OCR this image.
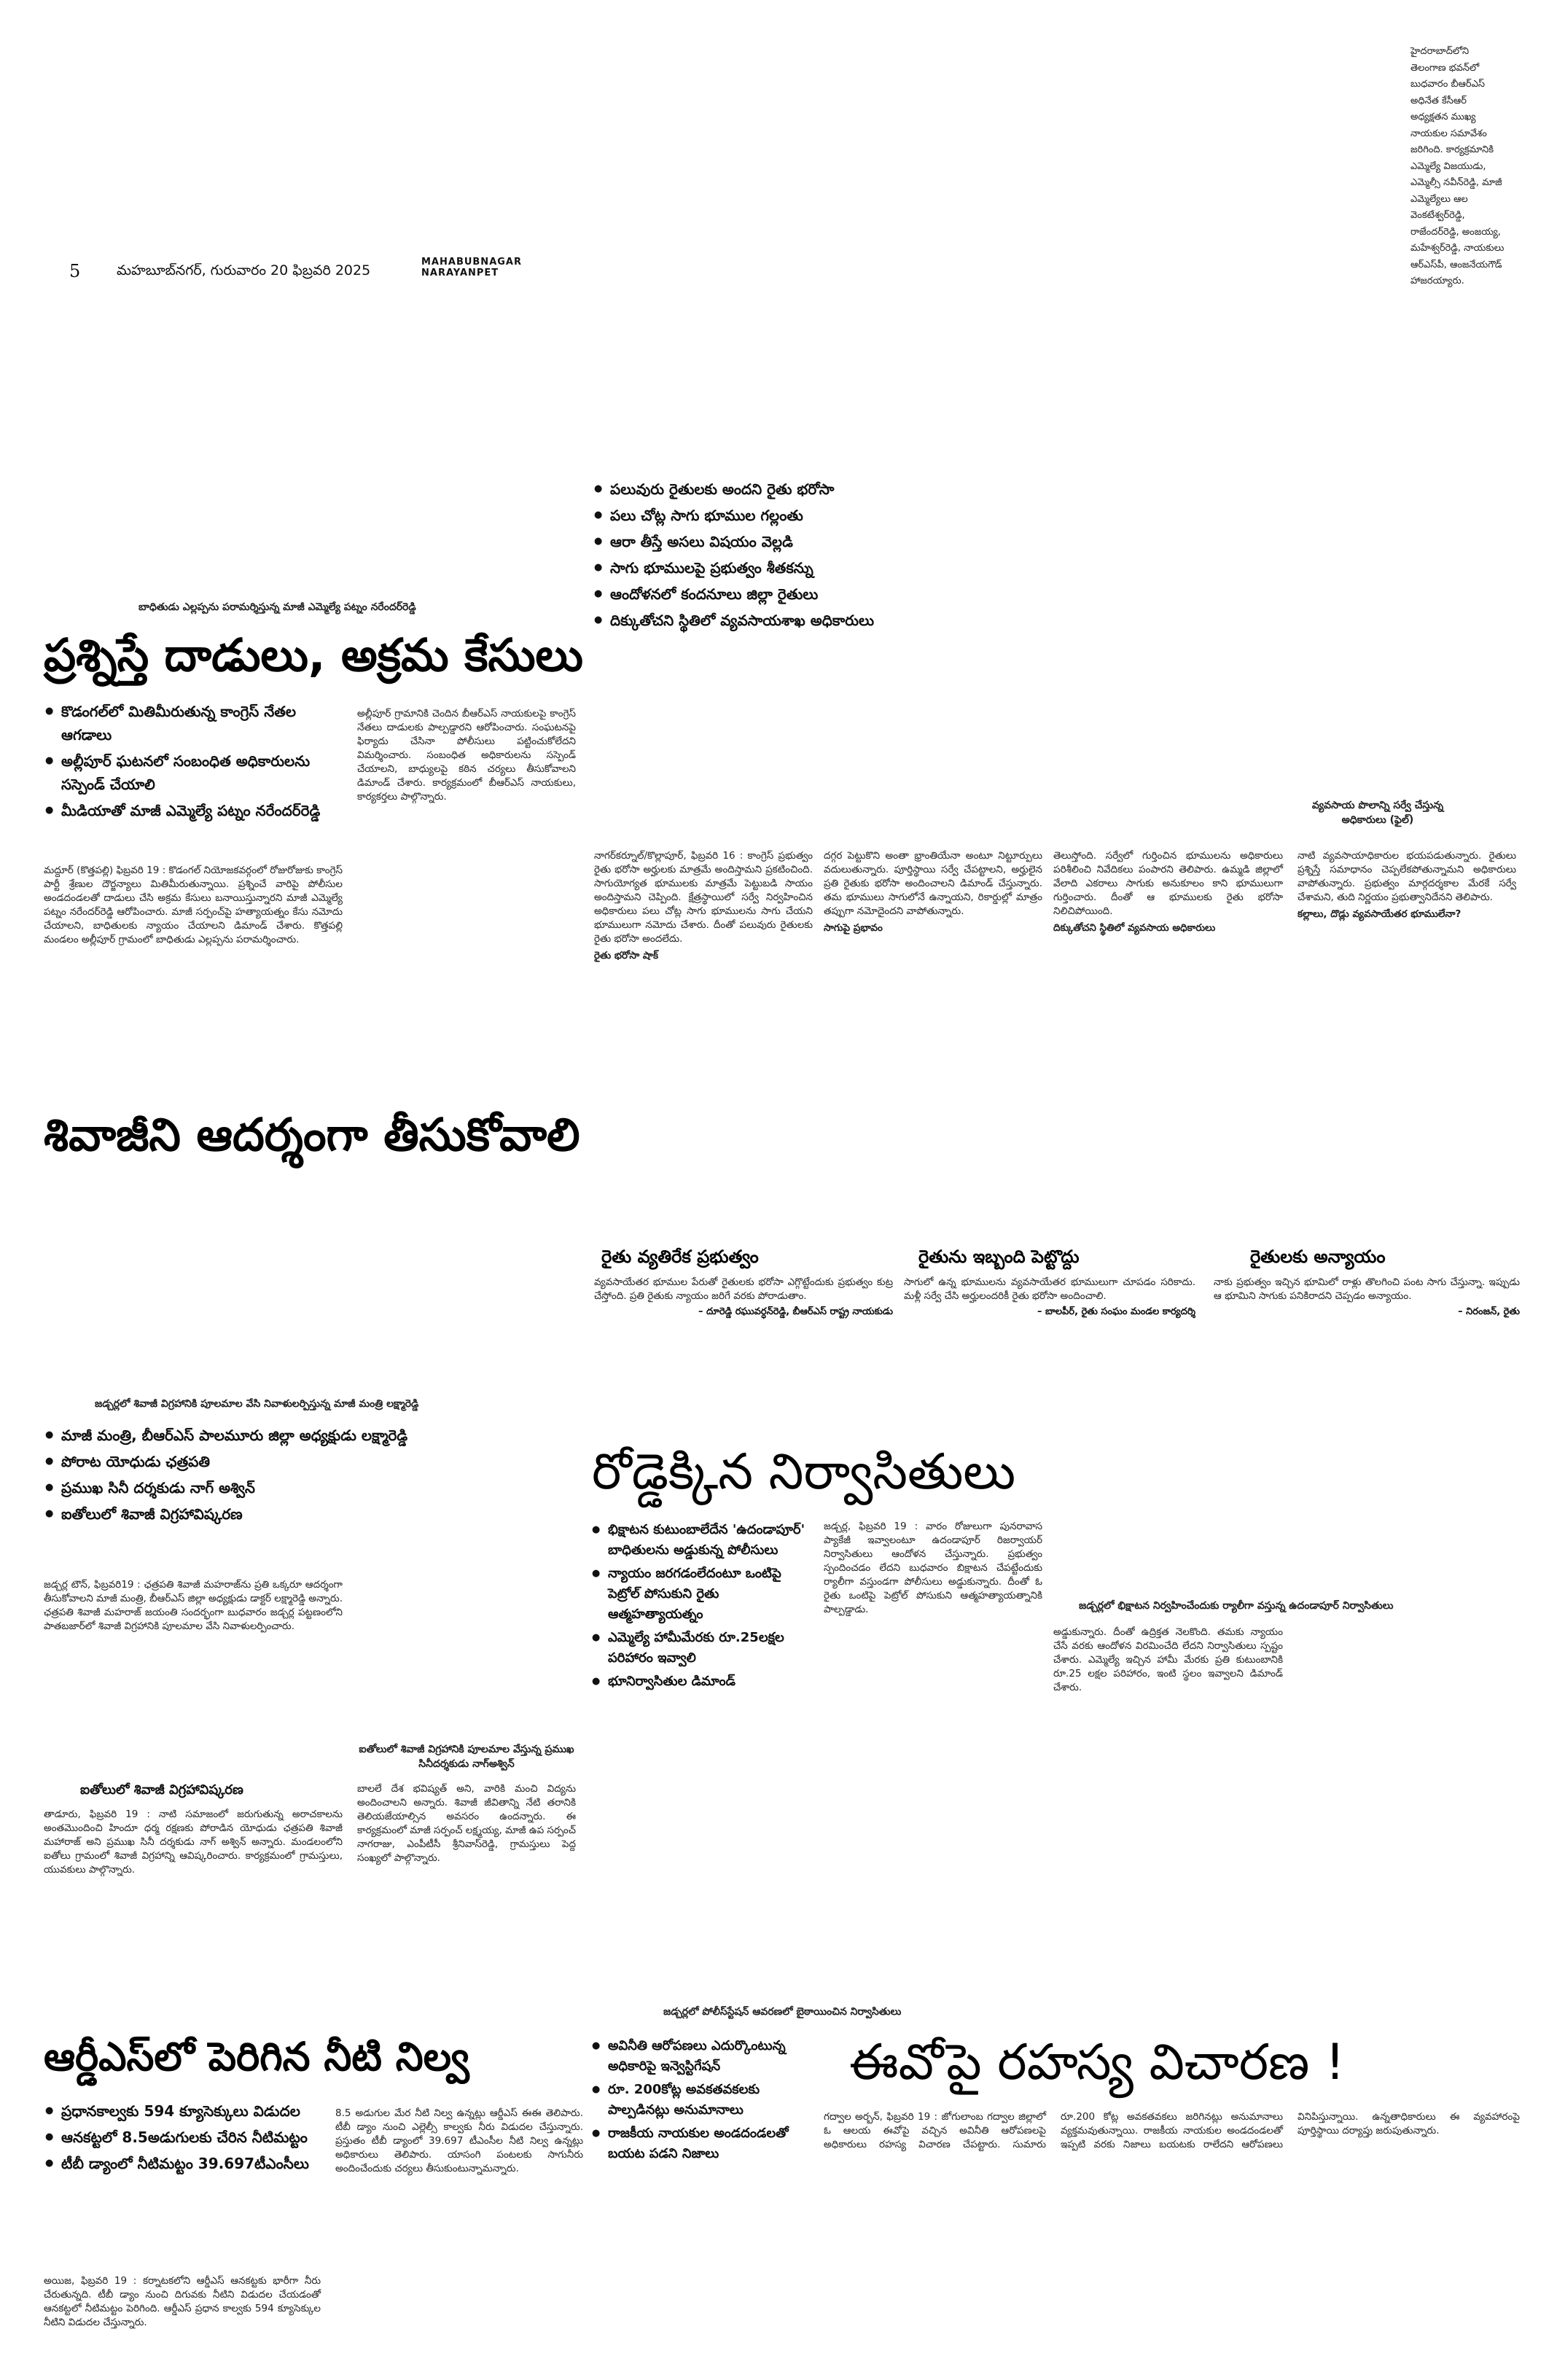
5	మహబూబ్‌నగర్, గురువారం 20 ఫిబ్రవరి 2025
MAHABUBNAGAR
NARAYANPET
హైదరాబాద్‌లోని తెలంగాణ భవన్‌లో బుధవారం బీఆర్‌ఎస్ అధినేత కేసీఆర్ అధ్యక్షతన ముఖ్య నాయకుల సమావేశం జరిగింది. కార్యక్రమానికి ఎమ్మెల్యే విజయుడు, ఎమ్మెల్సీ నవీన్‌రెడ్డి, మాజీ ఎమ్మెల్యేలు ఆల వెంకటేశ్వర్‌రెడ్డి, రాజేందర్‌రెడ్డి, అంజయ్య, మహేశ్వర్‌రెడ్డి, నాయకులు ఆర్‌ఎస్‌పీ, ఆంజనేయగౌడ్ హాజరయ్యారు.
బాధితుడు ఎల్లప్పను పరామర్శిస్తున్న మాజీ ఎమ్మెల్యే పట్నం నరేందర్‌రెడ్డి
ప్రశ్నిస్తే దాడులు, అక్రమ కేసులు
● కొడంగల్‌లో మితిమీరుతున్న కాంగ్రెస్ నేతల ఆగడాలు
● అల్లీపూర్ ఘటనలో సంబంధిత అధికారులను సస్పెండ్ చేయాలి
● మీడియాతో మాజీ ఎమ్మెల్యే పట్నం నరేందర్‌రెడ్డి
మద్దూర్ (కొత్తపల్లి) ఫిబ్రవరి 19 : కొడంగల్ నియోజకవర్గంలో రోజురోజుకు కాంగ్రెస్ పార్టీ శ్రేణుల దౌర్జన్యాలు మితిమీరుతున్నాయి. ప్రశ్నించే వారిపై పోలీసుల అండదండలతో దాడులు చేసి అక్రమ కేసులు బనాయిస్తున్నారని మాజీ ఎమ్మెల్యే పట్నం నరేందర్‌రెడ్డి ఆరోపించారు. మాజీ సర్పంచ్‌పై హత్యాయత్నం కేసు నమోదు చేయాలని, బాధితులకు న్యాయం చేయాలని డిమాండ్ చేశారు. కొత్తపల్లి మండలం అల్లీపూర్ గ్రామంలో బాధితుడు ఎల్లప్పను పరామర్శించారు.
అల్లీపూర్ గ్రామానికి చెందిన బీఆర్‌ఎస్ నాయకులపై కాంగ్రెస్ నేతలు దాడులకు పాల్పడ్డారని ఆరోపించారు. సంఘటనపై ఫిర్యాదు చేసినా పోలీసులు పట్టించుకోలేదని విమర్శించారు. సంబంధిత అధికారులను సస్పెండ్ చేయాలని, బాధ్యులపై కఠిన చర్యలు తీసుకోవాలని డిమాండ్ చేశారు. కార్యక్రమంలో బీఆర్‌ఎస్ నాయకులు, కార్యకర్తలు పాల్గొన్నారు.
శివాజీని ఆదర్శంగా తీసుకోవాలి
జడ్చర్లలో శివాజీ విగ్రహానికి పూలమాల వేసి నివాళులర్పిస్తున్న మాజీ మంత్రి లక్ష్మారెడ్డి
● మాజీ మంత్రి, బీఆర్‌ఎస్ పాలమూరు జిల్లా అధ్యక్షుడు లక్ష్మారెడ్డి
● పోరాట యోధుడు ఛత్రపతి
● ప్రముఖ సినీ దర్శకుడు నాగ్ అశ్విన్
● ఐతోలులో శివాజీ విగ్రహావిష్కరణ
జడ్చర్ల టౌన్, ఫిబ్రవరి19 : ఛత్రపతి శివాజీ మహరాజ్‌ను ప్రతి ఒక్కరూ ఆదర్శంగా తీసుకోవాలని మాజీ మంత్రి, బీఆర్‌ఎస్ జిల్లా అధ్యక్షుడు డాక్టర్ లక్ష్మారెడ్డి అన్నారు. ఛత్రపతి శివాజీ మహరాజ్ జయంతి సందర్భంగా బుధవారం జడ్చర్ల పట్టణంలోని పాతబజార్‌లో శివాజీ విగ్రహానికి పూలమాల వేసి నివాళులర్పించారు.
ఐతోలులో శివాజీ విగ్రహావిష్కరణ
తాడూరు, ఫిబ్రవరి 19 : నాటి సమాజంలో జరుగుతున్న అరాచకాలను అంతమొందించి హిందూ ధర్మ రక్షణకు పోరాడిన యోధుడు ఛత్రపతి శివాజీ మహారాజ్ అని ప్రముఖ సినీ దర్శకుడు నాగ్ అశ్విన్ అన్నారు. మండలంలోని ఐతోలు గ్రామంలో శివాజీ విగ్రహాన్ని ఆవిష్కరించారు. కార్యక్రమంలో గ్రామస్తులు, యువకులు పాల్గొన్నారు.
ఐతోలులో శివాజీ విగ్రహానికి పూలమాల వేస్తున్న ప్రముఖ సినీదర్శకుడు నాగ్‌అశ్విన్
బాలలే దేశ భవిష్యత్ అని, వారికి మంచి విద్యను అందించాలని అన్నారు. శివాజీ జీవితాన్ని నేటి తరానికి తెలియజేయాల్సిన అవసరం ఉందన్నారు. ఈ కార్యక్రమంలో మాజీ సర్పంచ్ లక్ష్మయ్య, మాజీ ఉప సర్పంచ్ నాగరాజు, ఎంపీటీసీ శ్రీనివాస్‌రెడ్డి, గ్రామస్తులు పెద్ద సంఖ్యలో పాల్గొన్నారు.
ఆర్డీఎస్‌లో పెరిగిన నీటి నిల్వ
● ప్రధానకాల్వకు 594 క్యూసెక్కులు విడుదల
● ఆనకట్టలో 8.5అడుగులకు చేరిన నీటిమట్టం
● టీబీ డ్యాంలో నీటిమట్టం 39.697టీఎంసీలు
అయిజ, ఫిబ్రవరి 19 : కర్నాటకలోని ఆర్డీఎస్ ఆనకట్టకు భారీగా నీరు చేరుతున్నది. టీబీ డ్యాం నుంచి దిగువకు నీటిని విడుదల చేయడంతో ఆనకట్టలో నీటిమట్టం పెరిగింది. ఆర్డీఎస్ ప్రధాన కాల్వకు 594 క్యూసెక్కుల నీటిని విడుదల చేస్తున్నారు.
8.5 అడుగుల మేర నీటి నిల్వ ఉన్నట్లు ఆర్డీఎస్ ఈఈ తెలిపారు. టీబీ డ్యాం నుంచి ఎల్లెల్సీ కాల్వకు నీరు విడుదల చేస్తున్నారు. ప్రస్తుతం టీబీ డ్యాంలో 39.697 టీఎంసీల నీటి నిల్వ ఉన్నట్లు అధికారులు తెలిపారు. యాసంగి పంటలకు సాగునీరు అందించేందుకు చర్యలు తీసుకుంటున్నామన్నారు.
● పలువురు రైతులకు అందని రైతు భరోసా
● పలు చోట్ల సాగు భూముల గల్లంతు
● ఆరా తీస్తే అసలు విషయం వెల్లడి
● సాగు భూములపై ప్రభుత్వం శీతకన్ను
● ఆందోళనలో కందనూలు జిల్లా రైతులు
● దిక్కుతోచని స్థితిలో వ్యవసాయశాఖ అధికారులు
వ్యవసాయ పొలాన్ని సర్వే చేస్తున్న అధికారులు (ఫైల్)

నాగర్‌కర్నూల్/కొల్లాపూర్, ఫిబ్రవరి 16 : కాంగ్రెస్ ప్రభుత్వం రైతు భరోసా అర్హులకు మాత్రమే అందిస్తామని ప్రకటించింది. సాగుయోగ్యత భూములకు మాత్రమే పెట్టుబడి సాయం అందిస్తామని చెప్పింది. క్షేత్రస్థాయిలో సర్వే నిర్వహించిన అధికారులు పలు చోట్ల సాగు భూములను సాగు చేయని భూములుగా నమోదు చేశారు. దీంతో పలువురు రైతులకు రైతు భరోసా అందలేదు.

రైతు భరోసా షాక్

దగ్గర పెట్టుకొని అంతా భ్రాంతియేనా అంటూ నిట్టూర్పులు వదులుతున్నారు. పూర్తిస్థాయి సర్వే చేపట్టాలని, అర్హులైన ప్రతి రైతుకు భరోసా అందించాలని డిమాండ్ చేస్తున్నారు. తమ భూములు సాగులోనే ఉన్నాయని, రికార్డుల్లో మాత్రం తప్పుగా నమోదైందని వాపోతున్నారు.

సాగుపై ప్రభావం

తెలుస్తోంది. సర్వేలో గుర్తించిన భూములను అధికారులు పరిశీలించి నివేదికలు పంపారని తెలిపారు. ఉమ్మడి జిల్లాలో వేలాది ఎకరాలు సాగుకు అనుకూలం కాని భూములుగా గుర్తించారు. దీంతో ఆ భూములకు రైతు భరోసా నిలిచిపోయింది.

దిక్కుతోచని స్థితిలో వ్యవసాయ అధికారులు

నాటి వ్యవసాయాధికారుల భయపడుతున్నారు. రైతులు ప్రశ్నిస్తే సమాధానం చెప్పలేకపోతున్నామని అధికారులు వాపోతున్నారు. ప్రభుత్వం మార్గదర్శకాల మేరకే సర్వే చేశామని, తుది నిర్ణయం ప్రభుత్వానిదేనని తెలిపారు.

కల్లాలు, దొడ్లు వ్యవసాయేతర భూములేనా?

రైతు వ్యతిరేక ప్రభుత్వం
వ్యవసాయేతర భూముల పేరుతో రైతులకు భరోసా ఎగ్గొట్టేందుకు ప్రభుత్వం కుట్ర చేస్తోంది. ప్రతి రైతుకు న్యాయం జరిగే వరకు పోరాడుతాం.
– దూరెడ్డి రఘువర్ధన్‌రెడ్డి, బీఆర్‌ఎస్ రాష్ట్ర నాయకుడు
రైతును ఇబ్బంది పెట్టొద్దు
సాగులో ఉన్న భూములను వ్యవసాయేతర భూములుగా చూపడం సరికాదు. మళ్లీ సర్వే చేసి అర్హులందరికీ రైతు భరోసా అందించాలి.
– బాలపీర్, రైతు సంఘం మండల కార్యదర్శి
రైతులకు అన్యాయం
నాకు ప్రభుత్వం ఇచ్చిన భూమిలో రాళ్లు తొలగించి పంట సాగు చేస్తున్నా. ఇప్పుడు ఆ భూమిని సాగుకు పనికిరాదని చెప్పడం అన్యాయం.
– నిరంజన్, రైతు
రోడ్డెక్కిన నిర్వాసితులు
● భిక్షాటన కుటుంబాలేదేన 'ఉదండాపూర్' బాధితులను అడ్డుకున్న పోలీసులు
● న్యాయం జరగడంలేదంటూ ఒంటిపై పెట్రోల్ పోసుకుని రైతు ఆత్మహత్యాయత్నం
● ఎమ్మెల్యే హామీమేరకు రూ.25లక్షల పరిహారం ఇవ్వాలి
● భూనిర్వాసితుల డిమాండ్
జడ్చర్ల, ఫిబ్రవరి 19 : వారం రోజులుగా పునరావాస ప్యాకేజీ ఇవ్వాలంటూ ఉదండాపూర్ రిజర్వాయర్ నిర్వాసితులు ఆందోళన చేస్తున్నారు. ప్రభుత్వం స్పందించడం లేదని బుధవారం బిక్షాటన చేపట్టేందుకు ర్యాలీగా వస్తుండగా పోలీసులు అడ్డుకున్నారు. దీంతో ఓ రైతు ఒంటిపై పెట్రోల్ పోసుకుని ఆత్మహత్యాయత్నానికి పాల్పడ్డాడు.	జడ్చర్లలో భిక్షాటన నిర్వహించేందుకు ర్యాలీగా వస్తున్న ఉదండాపూర్ నిర్వాసితులు
అడ్డుకున్నారు. దీంతో ఉద్రిక్తత నెలకొంది. తమకు న్యాయం చేసే వరకు ఆందోళన విరమించేది లేదని నిర్వాసితులు స్పష్టం చేశారు. ఎమ్మెల్యే ఇచ్చిన హామీ మేరకు ప్రతి కుటుంబానికి రూ.25 లక్షల పరిహారం, ఇంటి స్థలం ఇవ్వాలని డిమాండ్ చేశారు.
జడ్చర్లలో పోలీస్‌స్టేషన్ ఆవరణలో బైఠాయించిన నిర్వాసితులు
● అవినీతి ఆరోపణలు ఎదుర్కొంటున్న అధికారిపై ఇన్వెస్టిగేషన్
● రూ. 200కోట్ల అవకతవకలకు పాల్పడినట్లు అనుమానాలు
● రాజకీయ నాయకుల అండదండలతో బయట పడని నిజాలు
ఈవోపై రహస్య విచారణ !
గద్వాల అర్బన్, ఫిబ్రవరి 19 : జోగులాంబ గద్వాల జిల్లాలో ఓ ఆలయ ఈవోపై వచ్చిన అవినీతి ఆరోపణలపై అధికారులు రహస్య విచారణ చేపట్టారు. సుమారు రూ.200 కోట్ల అవకతవకలు జరిగినట్లు అనుమానాలు వ్యక్తమవుతున్నాయి. రాజకీయ నాయకుల అండదండలతో ఇప్పటి వరకు నిజాలు బయటకు రాలేదని ఆరోపణలు వినిపిస్తున్నాయి. ఉన్నతాధికారులు ఈ వ్యవహారంపై పూర్తిస్థాయి దర్యాప్తు జరుపుతున్నారు.
